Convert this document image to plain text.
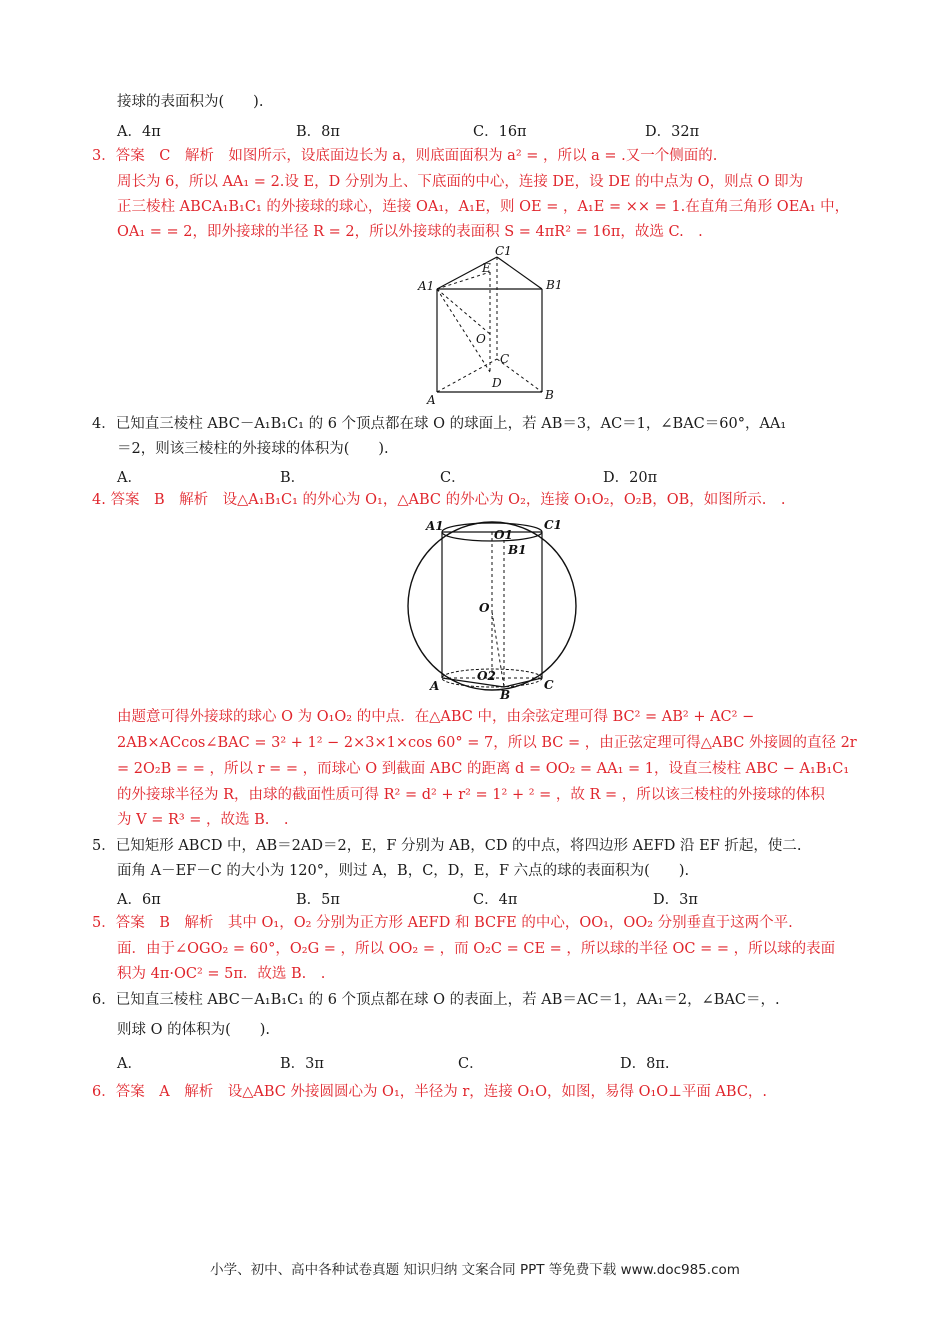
接球的表面积为(　　).
A．4π	B．8π	C．16π	D．32π
3．答案　C　解析　如图所示，设底面边长为 a，则底面面积为 a² = ，所以 a = .又一个侧面的.
周长为 6，所以 AA₁ = 2.设 E，D 分别为上、下底面的中心，连接 DE，设 DE 的中点为 O，则点 O 即为
正三棱柱 ABCA₁B₁C₁ 的外接球的球心，连接 OA₁，A₁E，则 OE = ，A₁E = ×× = 1.在直角三角形 OEA₁ 中，
OA₁ = = 2，即外接球的半径 R = 2，所以外接球的表面积 S = 4πR² = 16π，故选 C.　.
C1
E
A1	B1
O
C
D
A	B
4．已知直三棱柱 ABC－A₁B₁C₁ 的 6 个顶点都在球 O 的球面上，若 AB＝3，AC＝1，∠BAC＝60°，AA₁
＝2，则该三棱柱的外接球的体积为(　　).
A．	B．	C．	D．20π
4. 答案　B　解析　设△A₁B₁C₁ 的外心为 O₁，△ABC 的外心为 O₂，连接 O₁O₂，O₂B，OB，如图所示.　.
A1
O1
C1
B1
O
A
O2
B
C
由题意可得外接球的球心 O 为 O₁O₂ 的中点．在△ABC 中，由余弦定理可得 BC² = AB² + AC² −
2AB×ACcos∠BAC = 3² + 1² − 2×3×1×cos 60° = 7，所以 BC = ，由正弦定理可得△ABC 外接圆的直径 2r
= 2O₂B = = ，所以 r = = ，而球心 O 到截面 ABC 的距离 d = OO₂ = AA₁ = 1，设直三棱柱 ABC − A₁B₁C₁
的外接球半径为 R，由球的截面性质可得 R² = d² + r² = 1² + ² = ，故 R = ，所以该三棱柱的外接球的体积
为 V = R³ = ，故选 B.　.
5．已知矩形 ABCD 中，AB＝2AD＝2，E，F 分别为 AB，CD 的中点，将四边形 AEFD 沿 EF 折起，使二.
面角 A－EF－C 的大小为 120°，则过 A，B，C，D，E，F 六点的球的表面积为(　　).
A．6π	B．5π	C．4π	D．3π
5．答案　B　解析　其中 O₁，O₂ 分别为正方形 AEFD 和 BCFE 的中心，OO₁，OO₂ 分别垂直于这两个平.
面．由于∠OGO₂ = 60°，O₂G = ，所以 OO₂ = ，而 O₂C = CE = ，所以球的半径 OC = = ，所以球的表面
积为 4π·OC² = 5π．故选 B.　.
6．已知直三棱柱 ABC－A₁B₁C₁ 的 6 个顶点都在球 O 的表面上，若 AB＝AC＝1，AA₁＝2，∠BAC＝，.
则球 O 的体积为(　　).
A．	B．3π	C．	D．8π.
6．答案　A　解析　设△ABC 外接圆圆心为 O₁，半径为 r，连接 O₁O，如图，易得 O₁O⊥平面 ABC，.
小学、初中、高中各种试卷真题 知识归纳 文案合同 PPT 等免费下载 www.doc985.com
